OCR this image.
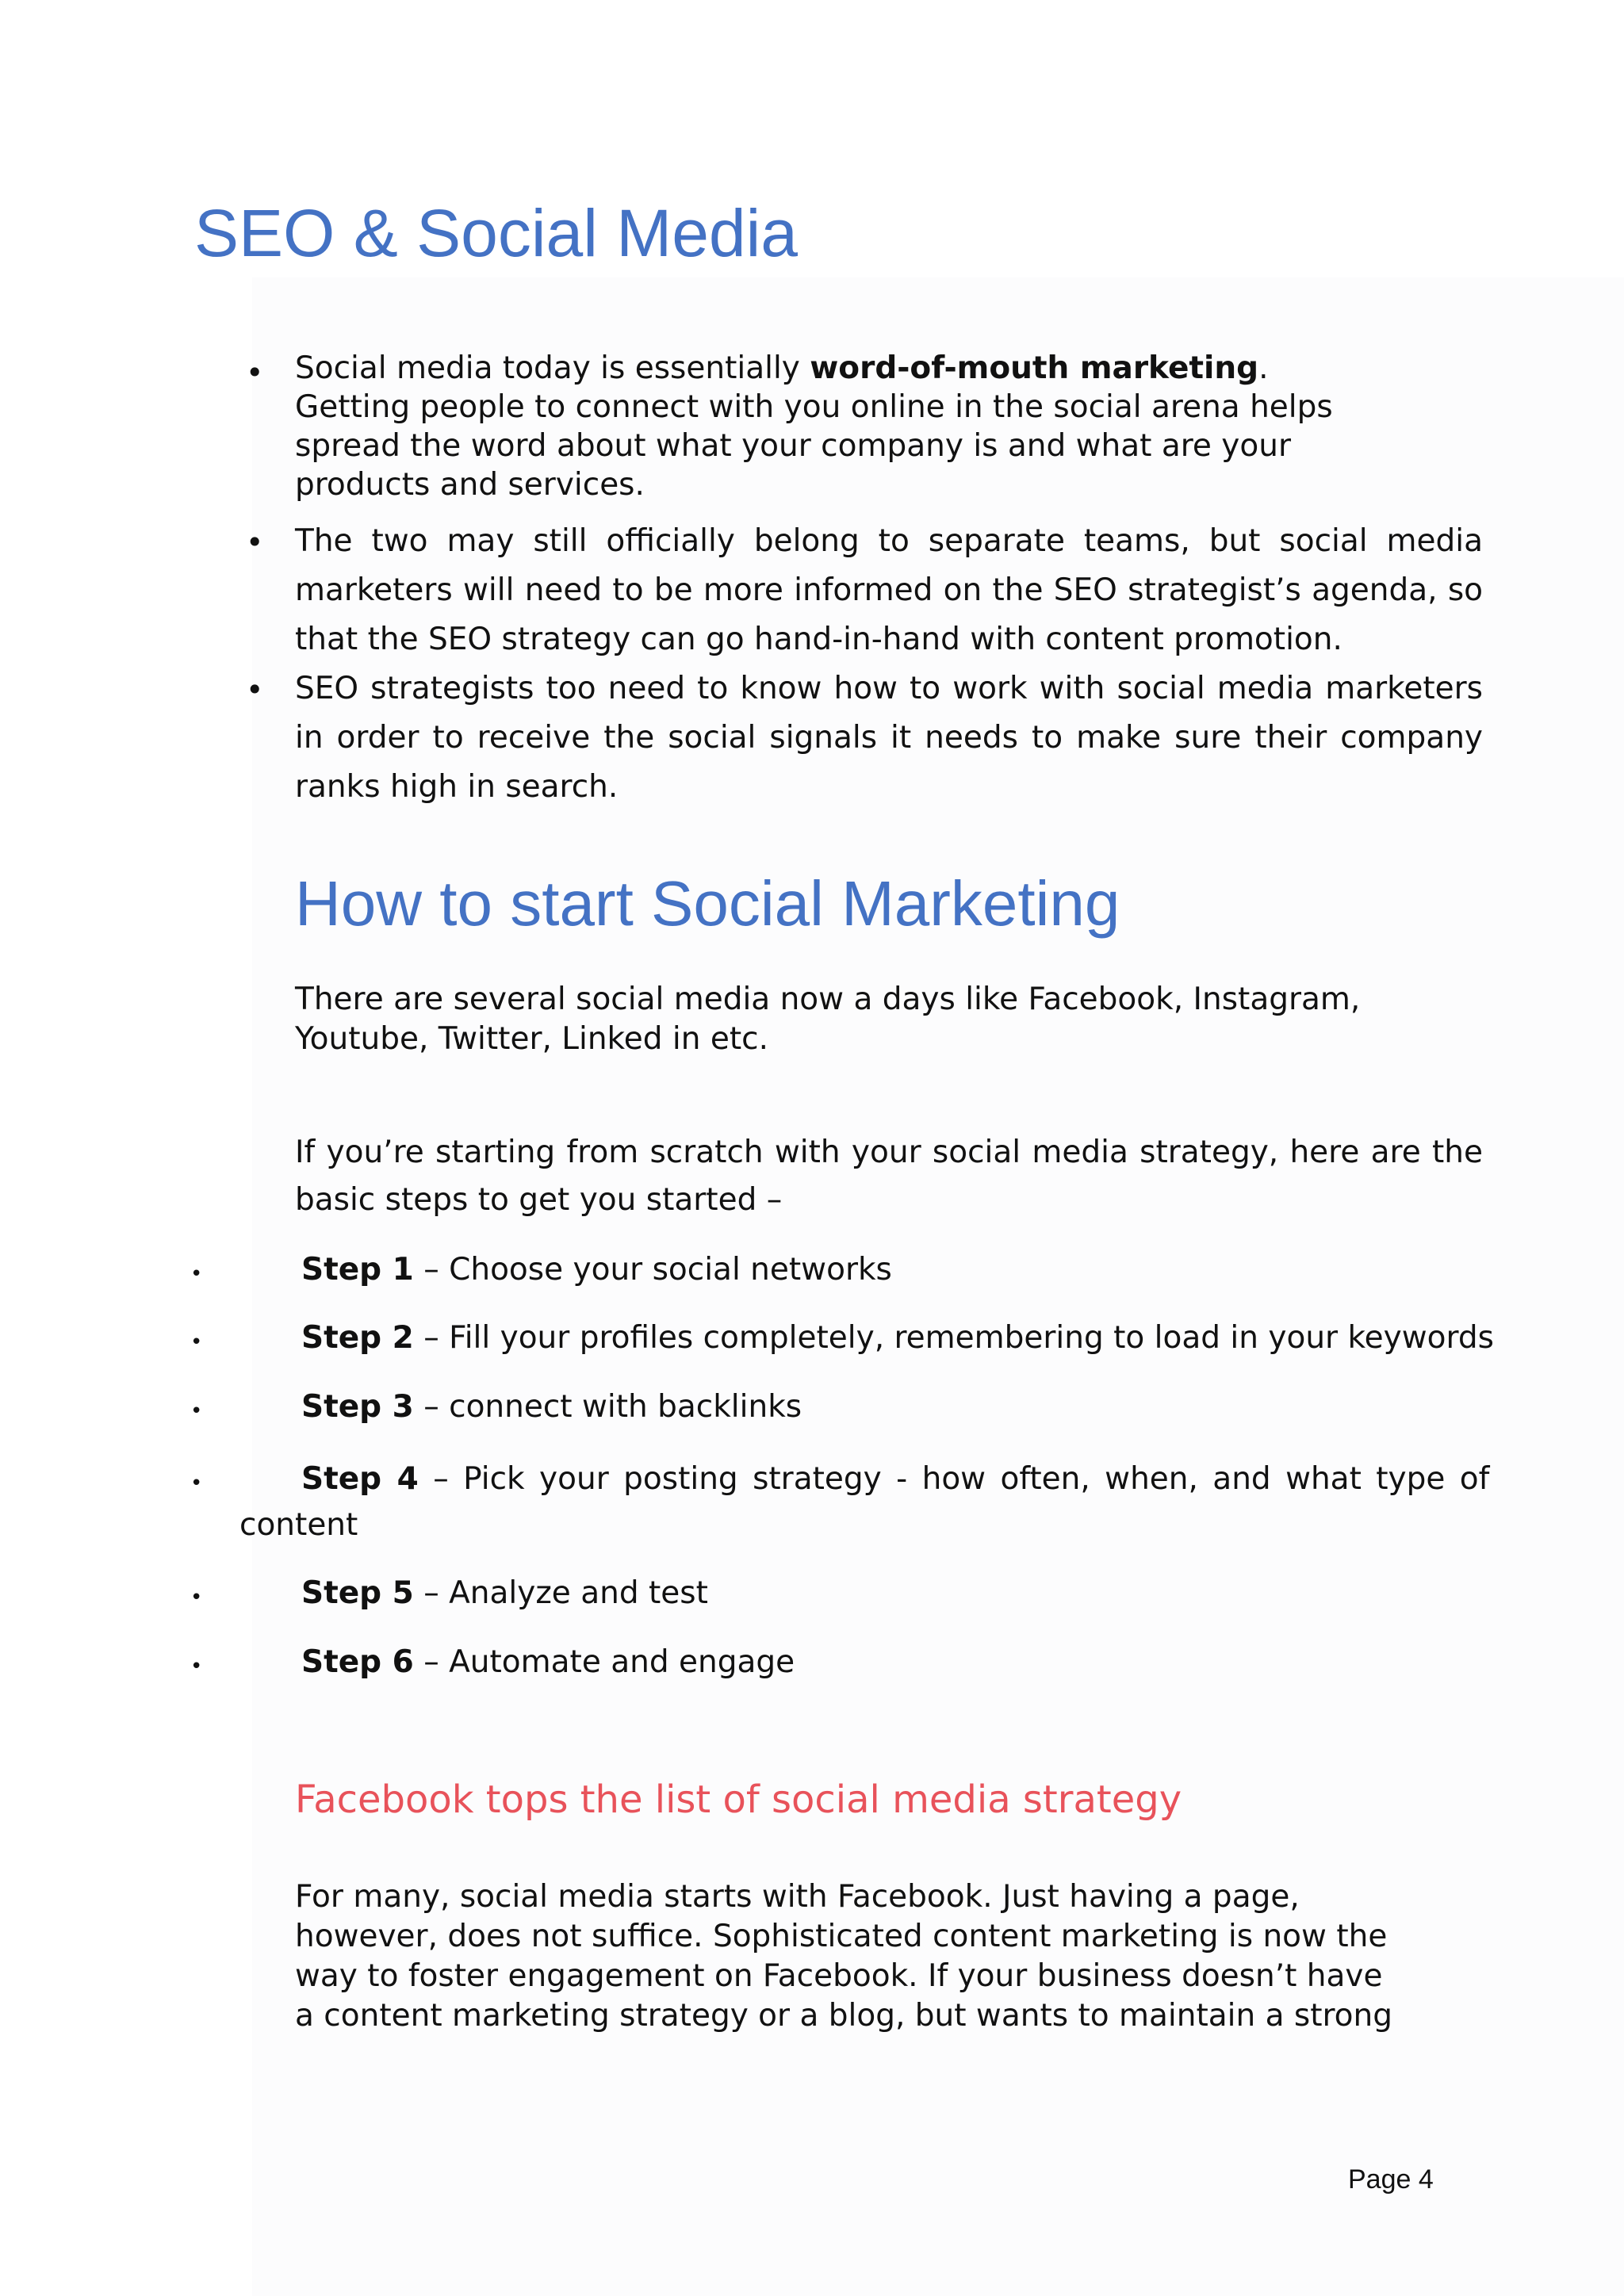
SEO & Social Media
• Social media today is essentially word-of-mouth marketing. Getting people to connect with you online in the social arena helps spread the word about what your company is and what are your products and services.

• The two may still officially belong to separate teams, but social media marketers will need to be more informed on the SEO strategist’s agenda, so that the SEO strategy can go hand-in-hand with content promotion.

• SEO strategists too need to know how to work with social media marketers in order to receive the social signals it needs to make sure their company ranks high in search.

How to start Social Marketing

There are several social media now a days like Facebook, Instagram, Youtube, Twitter, Linked in etc.

If you’re starting from scratch with your social media strategy, here are the basic steps to get you started –

•	Step 1 – Choose your social networks

•	Step 2 – Fill your profiles completely, remembering to load in your keywords

•	Step 3 – connect with backlinks

•	Step 4 – Pick your posting strategy - how often, when, and what type of

content

•	Step 5 – Analyze and test

•	Step 6 – Automate and engage

Facebook tops the list of social media strategy

For many, social media starts with Facebook. Just having a page, however, does not suffice. Sophisticated content marketing is now the way to foster engagement on Facebook. If your business doesn’t have a content marketing strategy or a blog, but wants to maintain a strong

Page 4
